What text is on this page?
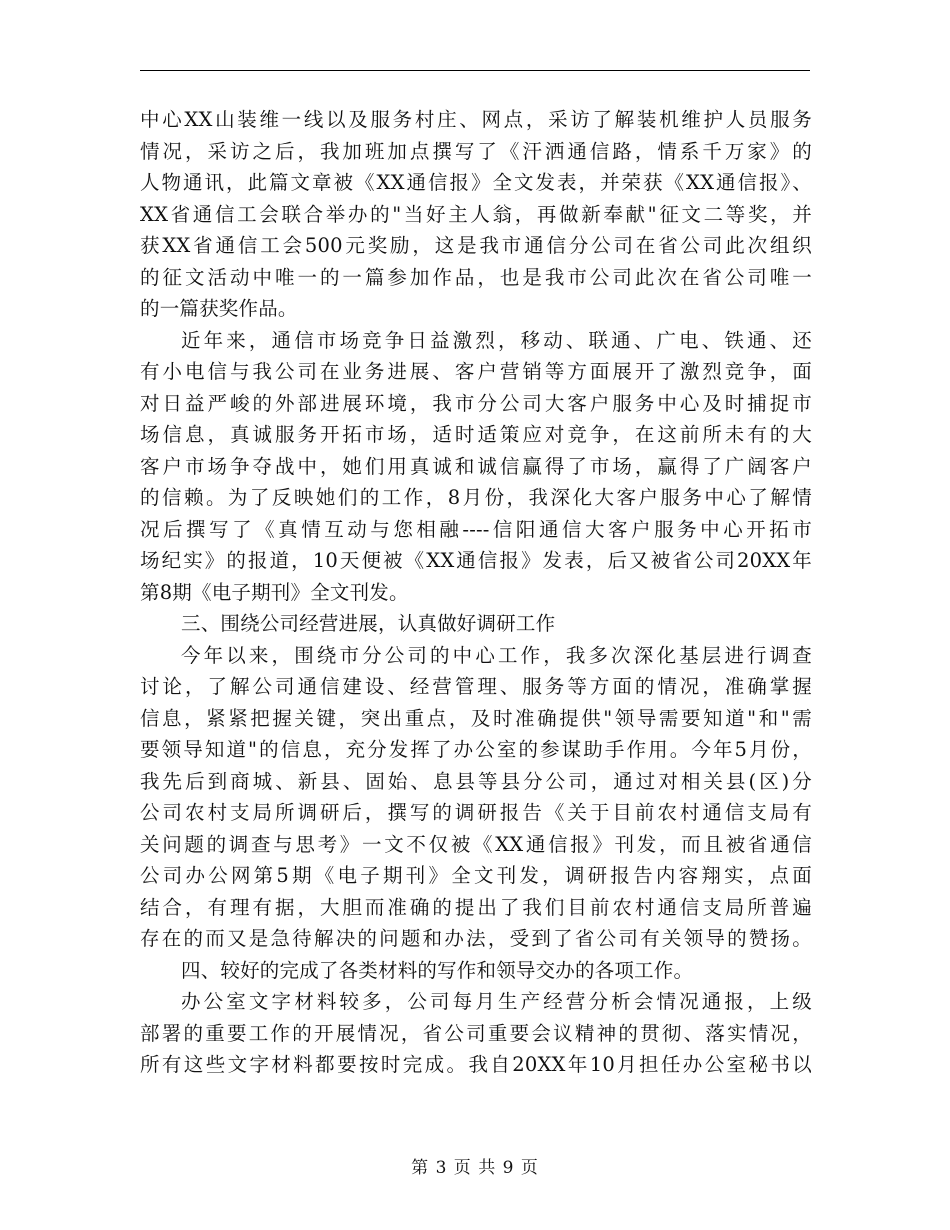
中心XX山装维一线以及服务村庄、网点，采访了解装机维护人员服务
情况，采访之后，我加班加点撰写了《汗洒通信路，情系千万家》的
人物通讯，此篇文章被《XX通信报》全文发表，并荣获《XX通信报》、
XX省通信工会联合举办的"当好主人翁，再做新奉献"征文二等奖，并
获XX省通信工会500元奖励，这是我市通信分公司在省公司此次组织
的征文活动中唯一的一篇参加作品，也是我市公司此次在省公司唯一
的一篇获奖作品。
近年来，通信市场竞争日益激烈，移动、联通、广电、铁通、还
有小电信与我公司在业务进展、客户营销等方面展开了激烈竞争，面
对日益严峻的外部进展环境，我市分公司大客户服务中心及时捕捉市
场信息，真诚服务开拓市场，适时适策应对竞争，在这前所未有的大
客户市场争夺战中，她们用真诚和诚信赢得了市场，赢得了广阔客户
的信赖。为了反映她们的工作，8月份，我深化大客户服务中心了解情
况后撰写了《真情互动与您相融----信阳通信大客户服务中心开拓市
场纪实》的报道，10天便被《XX通信报》发表，后又被省公司20XX年
第8期《电子期刊》全文刊发。
三、围绕公司经营进展，认真做好调研工作
今年以来，围绕市分公司的中心工作，我多次深化基层进行调查
讨论，了解公司通信建设、经营管理、服务等方面的情况，准确掌握
信息，紧紧把握关键，突出重点，及时准确提供"领导需要知道"和"需
要领导知道"的信息，充分发挥了办公室的参谋助手作用。今年5月份，
我先后到商城、新县、固始、息县等县分公司，通过对相关县(区)分
公司农村支局所调研后，撰写的调研报告《关于目前农村通信支局有
关问题的调查与思考》一文不仅被《XX通信报》刊发，而且被省通信
公司办公网第5期《电子期刊》全文刊发，调研报告内容翔实，点面
结合，有理有据，大胆而准确的提出了我们目前农村通信支局所普遍
存在的而又是急待解决的问题和办法，受到了省公司有关领导的赞扬。
四、较好的完成了各类材料的写作和领导交办的各项工作。
办公室文字材料较多，公司每月生产经营分析会情况通报，上级
部署的重要工作的开展情况，省公司重要会议精神的贯彻、落实情况，
所有这些文字材料都要按时完成。我自20XX年10月担任办公室秘书以
第 3 页 共 9 页
